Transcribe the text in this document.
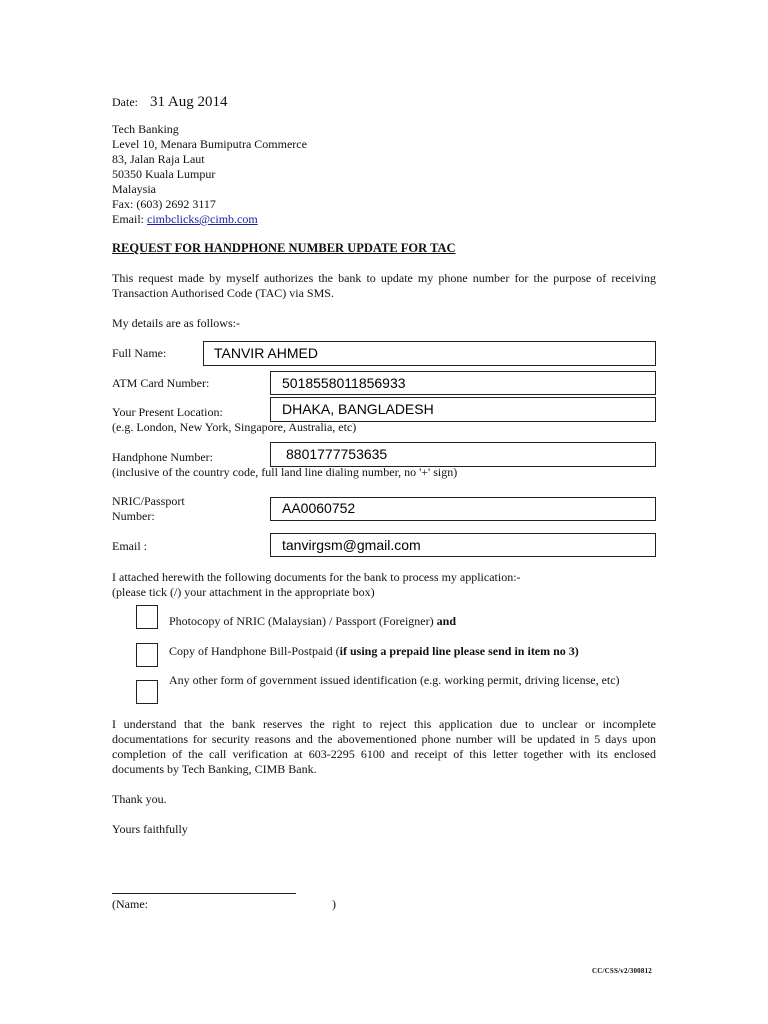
Date: 31 Aug 2014
Tech Banking
Level 10, Menara Bumiputra Commerce
83, Jalan Raja Laut
50350 Kuala Lumpur
Malaysia
Fax: (603) 2692 3117
Email: cimbclicks@cimb.com
REQUEST FOR HANDPHONE NUMBER UPDATE FOR TAC
This request made by myself authorizes the bank to update my phone number for the purpose of receiving Transaction Authorised Code (TAC) via SMS.
My details are as follows:-
Full Name:	TANVIR AHMED
ATM Card Number:	5018558011856933
Your Present Location:	DHAKA, BANGLADESH
(e.g. London, New York, Singapore, Australia, etc)
Handphone Number:	8801777753635
(inclusive of the country code, full land line dialing number, no '+' sign)
NRIC/Passport
Number:	AA0060752
Email :	tanvirgsm@gmail.com
I attached herewith the following documents for the bank to process my application:-
(please tick (/) your attachment in the appropriate box)
Photocopy of NRIC (Malaysian) / Passport (Foreigner) and
Copy of Handphone Bill-Postpaid (if using a prepaid line please send in item no 3)
Any other form of government issued identification (e.g. working permit, driving license, etc)
I understand that the bank reserves the right to reject this application due to unclear or incomplete documentations for security reasons and the abovementioned phone number will be updated in 5 days upon completion of the call verification at 603-2295 6100 and receipt of this letter together with its enclosed documents by Tech Banking, CIMB Bank.
Thank you.
Yours faithfully
(Name:	)
CC/CSS/v2/300812
